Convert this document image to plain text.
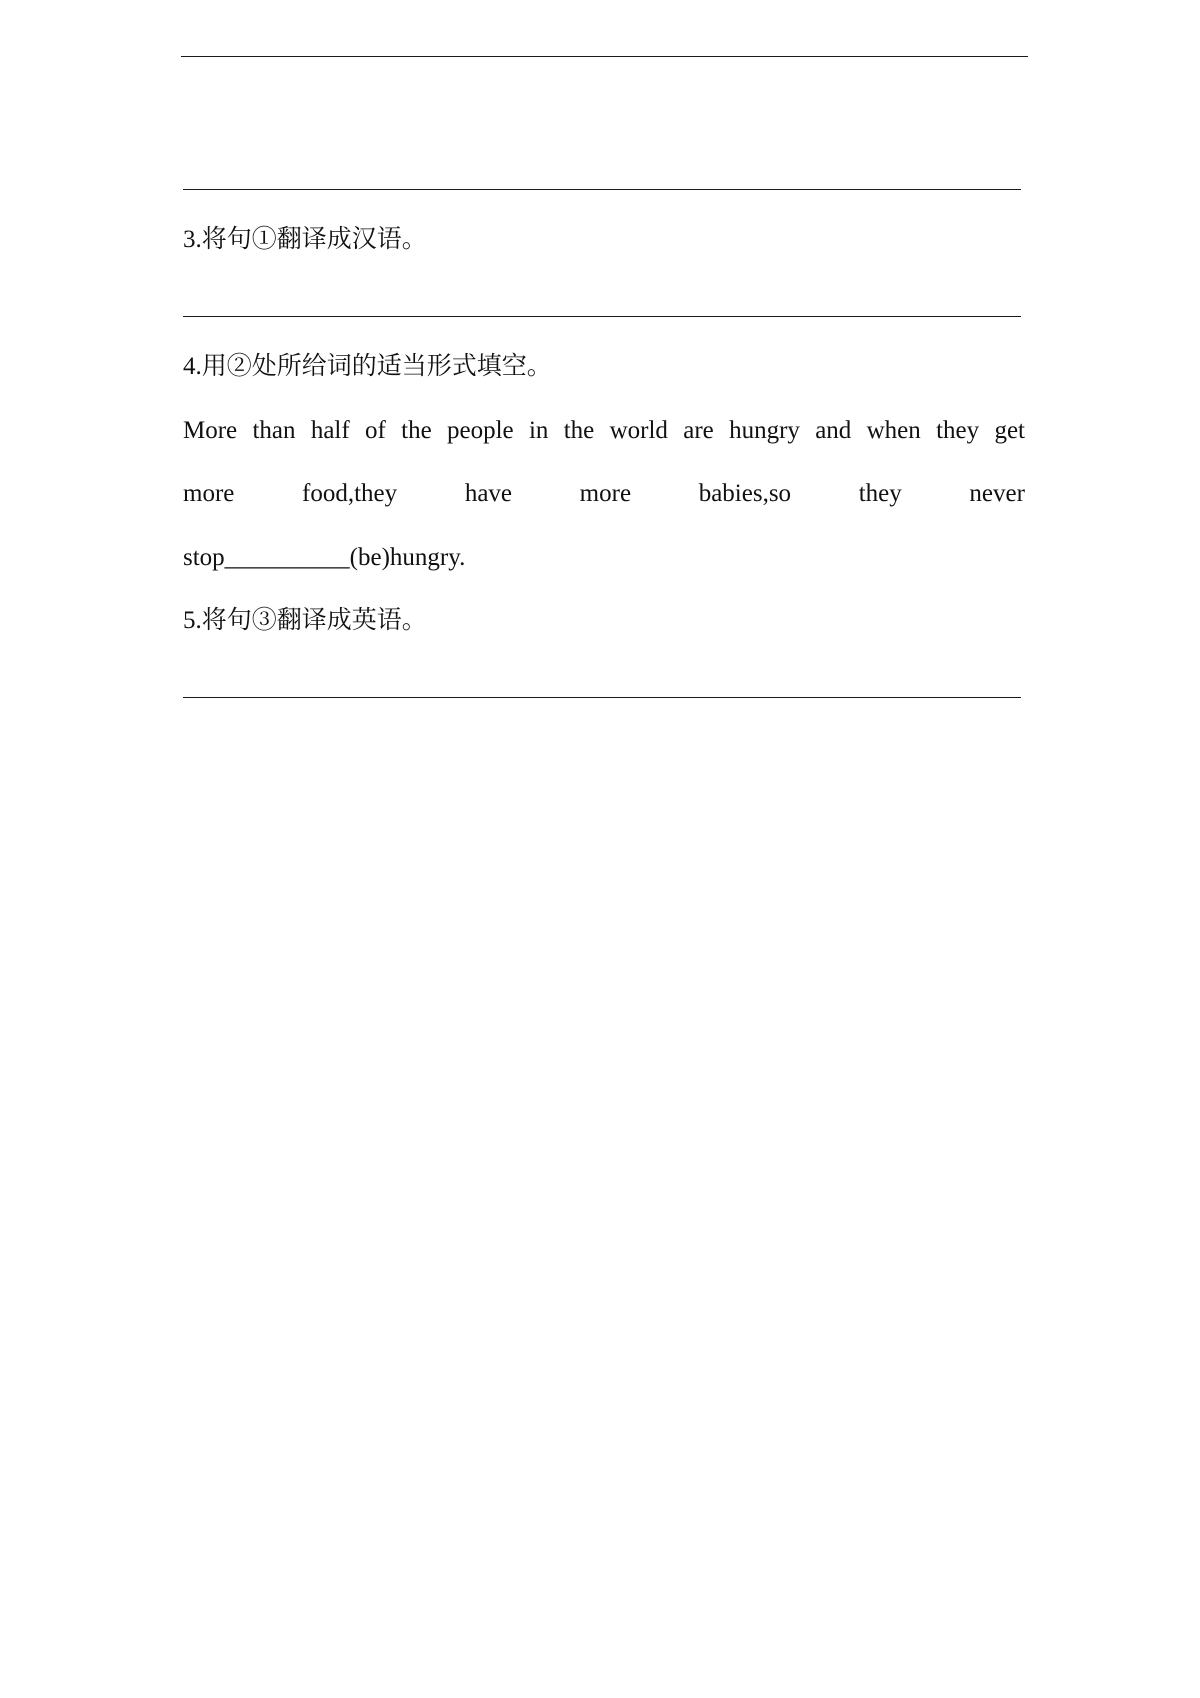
3.将句①翻译成汉语。
4.用②处所给词的适当形式填空。
More than half of the people in the world are hungry and when they get
more	food,they	have	more	babies,so	they	never
stop__________(be)hungry.
5.将句③翻译成英语。
